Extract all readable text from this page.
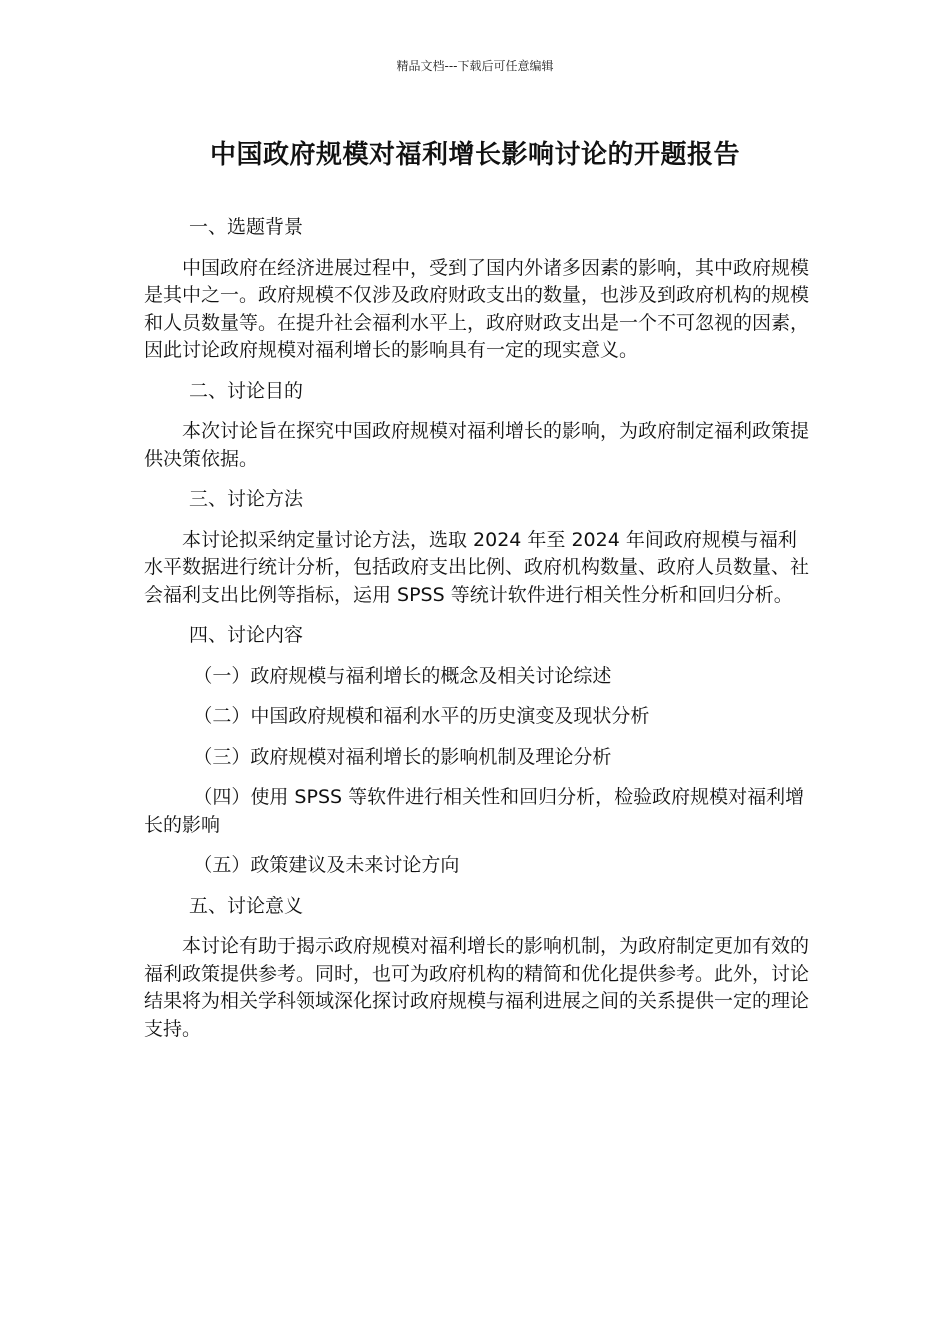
精品文档---下载后可任意编辑
中国政府规模对福利增长影响讨论的开题报告
一、选题背景

中国政府在经济进展过程中，受到了国内外诸多因素的影响，其中政府规模是其中之一。政府规模不仅涉及政府财政支出的数量，也涉及到政府机构的规模和人员数量等。在提升社会福利水平上，政府财政支出是一个不可忽视的因素，因此讨论政府规模对福利增长的影响具有一定的现实意义。

二、讨论目的

本次讨论旨在探究中国政府规模对福利增长的影响，为政府制定福利政策提供决策依据。

三、讨论方法

本讨论拟采纳定量讨论方法，选取 2024 年至 2024 年间政府规模与福利水平数据进行统计分析，包括政府支出比例、政府机构数量、政府人员数量、社会福利支出比例等指标，运用 SPSS 等统计软件进行相关性分析和回归分析。

四、讨论内容

（一）政府规模与福利增长的概念及相关讨论综述

（二）中国政府规模和福利水平的历史演变及现状分析

（三）政府规模对福利增长的影响机制及理论分析

（四）使用 SPSS 等软件进行相关性和回归分析，检验政府规模对福利增长的影响

（五）政策建议及未来讨论方向

五、讨论意义

本讨论有助于揭示政府规模对福利增长的影响机制，为政府制定更加有效的福利政策提供参考。同时，也可为政府机构的精简和优化提供参考。此外，讨论结果将为相关学科领域深化探讨政府规模与福利进展之间的关系提供一定的理论支持。
